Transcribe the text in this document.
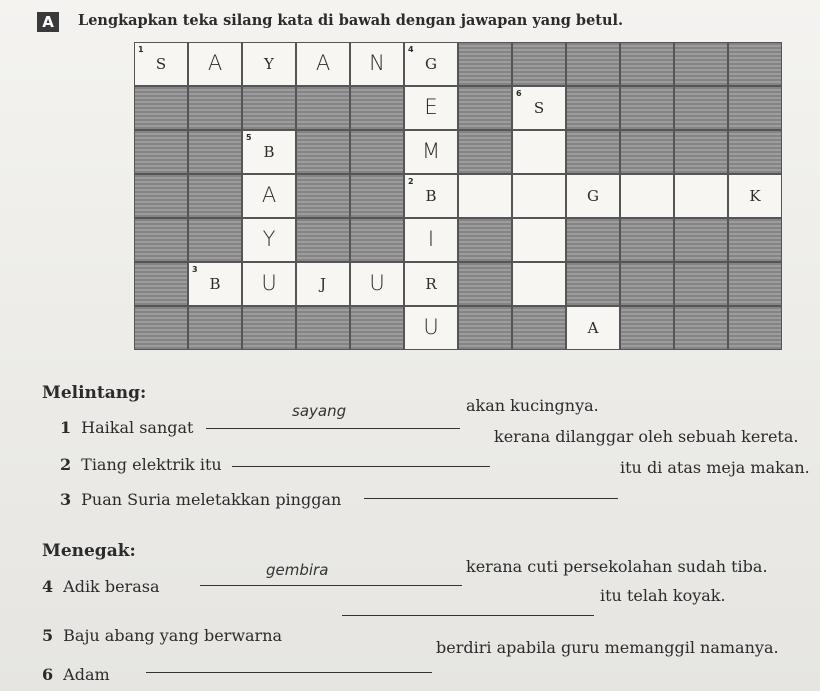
A	Lengkapkan teka silang kata di bawah dengan jawapan yang betul.
1
S	A	Y	A	N
4
G
E
6
S
5
B	M
A
2
B	G	K
Y	I
3
B	U	J	U	R
U	A
Melintang:
1 Haikal sangat
sayang	akan kucingnya.
2 Tiang elektrik itu
kerana dilanggar oleh sebuah kereta.
3 Puan Suria meletakkan pinggan
itu di atas meja makan.
Menegak:
4 Adik berasa
gembira	kerana cuti persekolahan sudah tiba.
5 Baju abang yang berwarna
itu telah koyak.
6 Adam
berdiri apabila guru memanggil namanya.
